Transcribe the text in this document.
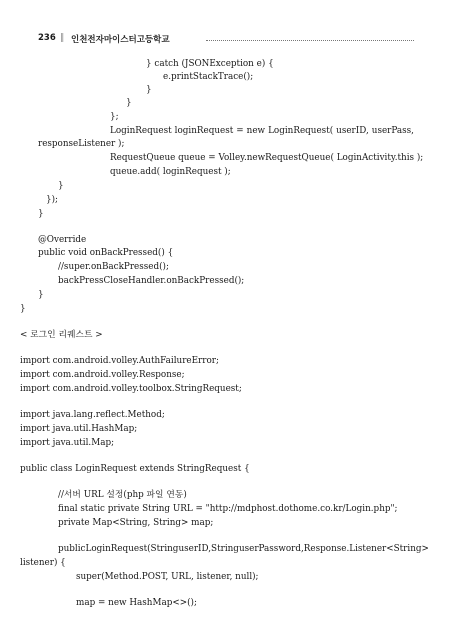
236 ‖ 인천전자마이스터고등학교
} catch (JSONException e) {
e.printStackTrace();
}
}
};
LoginRequest loginRequest = new LoginRequest( userID, userPass,
responseListener );
RequestQueue queue = Volley.newRequestQueue( LoginActivity.this );
queue.add( loginRequest );
}
});
}
@Override
public void onBackPressed() {
//super.onBackPressed();
backPressCloseHandler.onBackPressed();
}
}
< 로그인 리퀘스트 >
import com.android.volley.AuthFailureError;
import com.android.volley.Response;
import com.android.volley.toolbox.StringRequest;
import java.lang.reflect.Method;
import java.util.HashMap;
import java.util.Map;
public class LoginRequest extends StringRequest {
//서버 URL 설정(php 파일 연동)
final static private String URL = "http://mdphost.dothome.co.kr/Login.php";
private Map<String, String> map;
public LoginRequest(String userID, String userPassword, Response.Listener<String>
listener) {
super(Method.POST, URL, listener, null);
map = new HashMap<>();
